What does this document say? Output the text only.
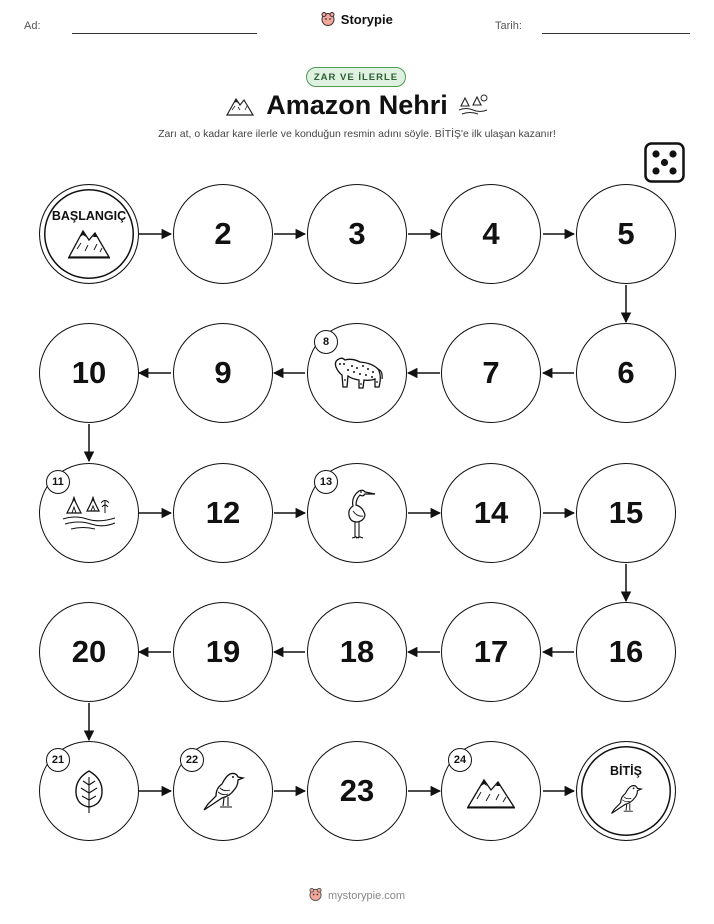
Ad:	Storypie	Tarih:
ZAR VE İLERLE
Amazon Nehri
Zarı at, o kadar kare ilerle ve konduğun resmin adını söyle. BİTİŞ'e ilk ulaşan kazanır!
BAŞLANGIÇ	2	3	4	5
10	9
8
7	6
11
12
13
14	15
20	19	18	17	16
21	22
23
24
BİTİŞ
mystorypie.com
